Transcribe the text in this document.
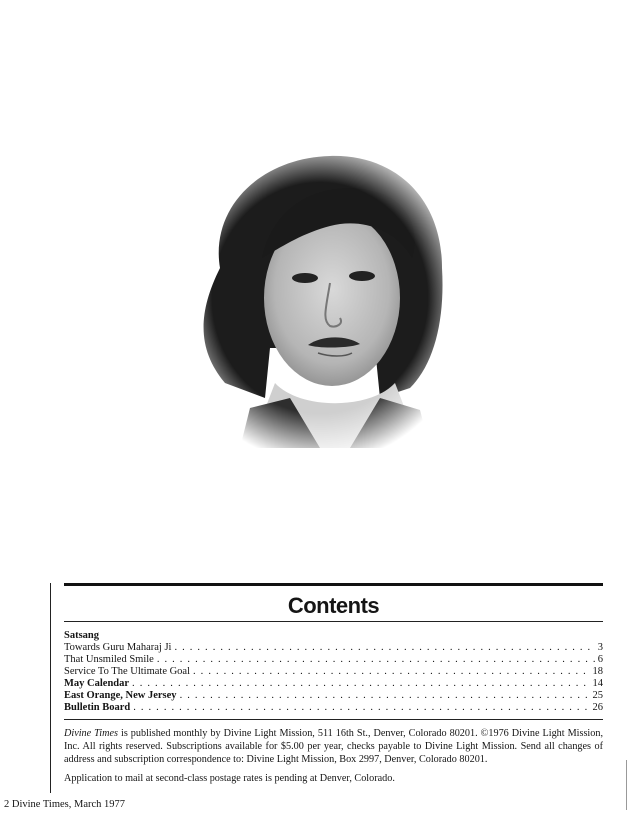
Contents
Satsang
Towards Guru Maharaj Ji . . .	3
That Unsmiled Smile . . .	6
Service To The Ultimate Goal . . .	18
May Calendar . . .	14
East Orange, New Jersey . . .	25
Bulletin Board . . .	26
Divine Times is published monthly by Divine Light Mission, 511 16th St., Denver, Colorado 80201. ©1976 Divine Light Mission, Inc. All rights reserved. Subscriptions available for $5.00 per year, checks payable to Divine Light Mission. Send all changes of address and subscription correspondence to: Divine Light Mission, Box 2997, Denver, Colorado 80201.
Application to mail at second-class postage rates is pending at Denver, Colorado.
2 Divine Times, March 1977
